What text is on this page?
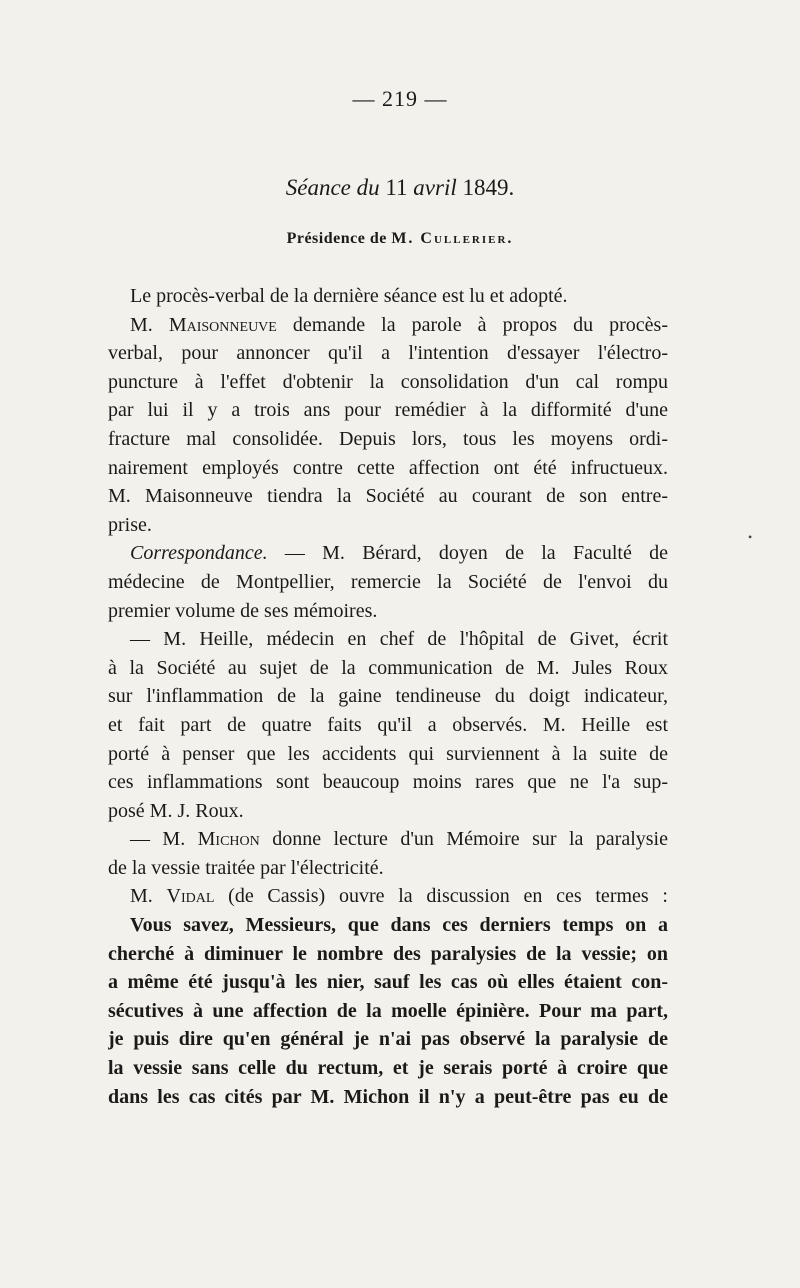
— 219 —
Séance du 11 avril 1849.
Présidence de M. Cullerier.
Le procès-verbal de la dernière séance est lu et adopté.
M. Maisonneuve demande la parole à propos du procès-
verbal, pour annoncer qu'il a l'intention d'essayer l'électro-
puncture à l'effet d'obtenir la consolidation d'un cal rompu
par lui il y a trois ans pour remédier à la difformité d'une
fracture mal consolidée. Depuis lors, tous les moyens ordi-
nairement employés contre cette affection ont été infructueux.
M. Maisonneuve tiendra la Société au courant de son entre-
prise.
Correspondance. — M. Bérard, doyen de la Faculté de
médecine de Montpellier, remercie la Société de l'envoi du
premier volume de ses mémoires.
— M. Heille, médecin en chef de l'hôpital de Givet, écrit
à la Société au sujet de la communication de M. Jules Roux
sur l'inflammation de la gaine tendineuse du doigt indicateur,
et fait part de quatre faits qu'il a observés. M. Heille est
porté à penser que les accidents qui surviennent à la suite de
ces inflammations sont beaucoup moins rares que ne l'a sup-
posé M. J. Roux.
— M. Michon donne lecture d'un Mémoire sur la paralysie
de la vessie traitée par l'électricité.
M. Vidal (de Cassis) ouvre la discussion en ces termes :
Vous savez, Messieurs, que dans ces derniers temps on a
cherché à diminuer le nombre des paralysies de la vessie; on
a même été jusqu'à les nier, sauf les cas où elles étaient con-
sécutives à une affection de la moelle épinière. Pour ma part,
je puis dire qu'en général je n'ai pas observé la paralysie de
la vessie sans celle du rectum, et je serais porté à croire que
dans les cas cités par M. Michon il n'y a peut-être pas eu de
•
